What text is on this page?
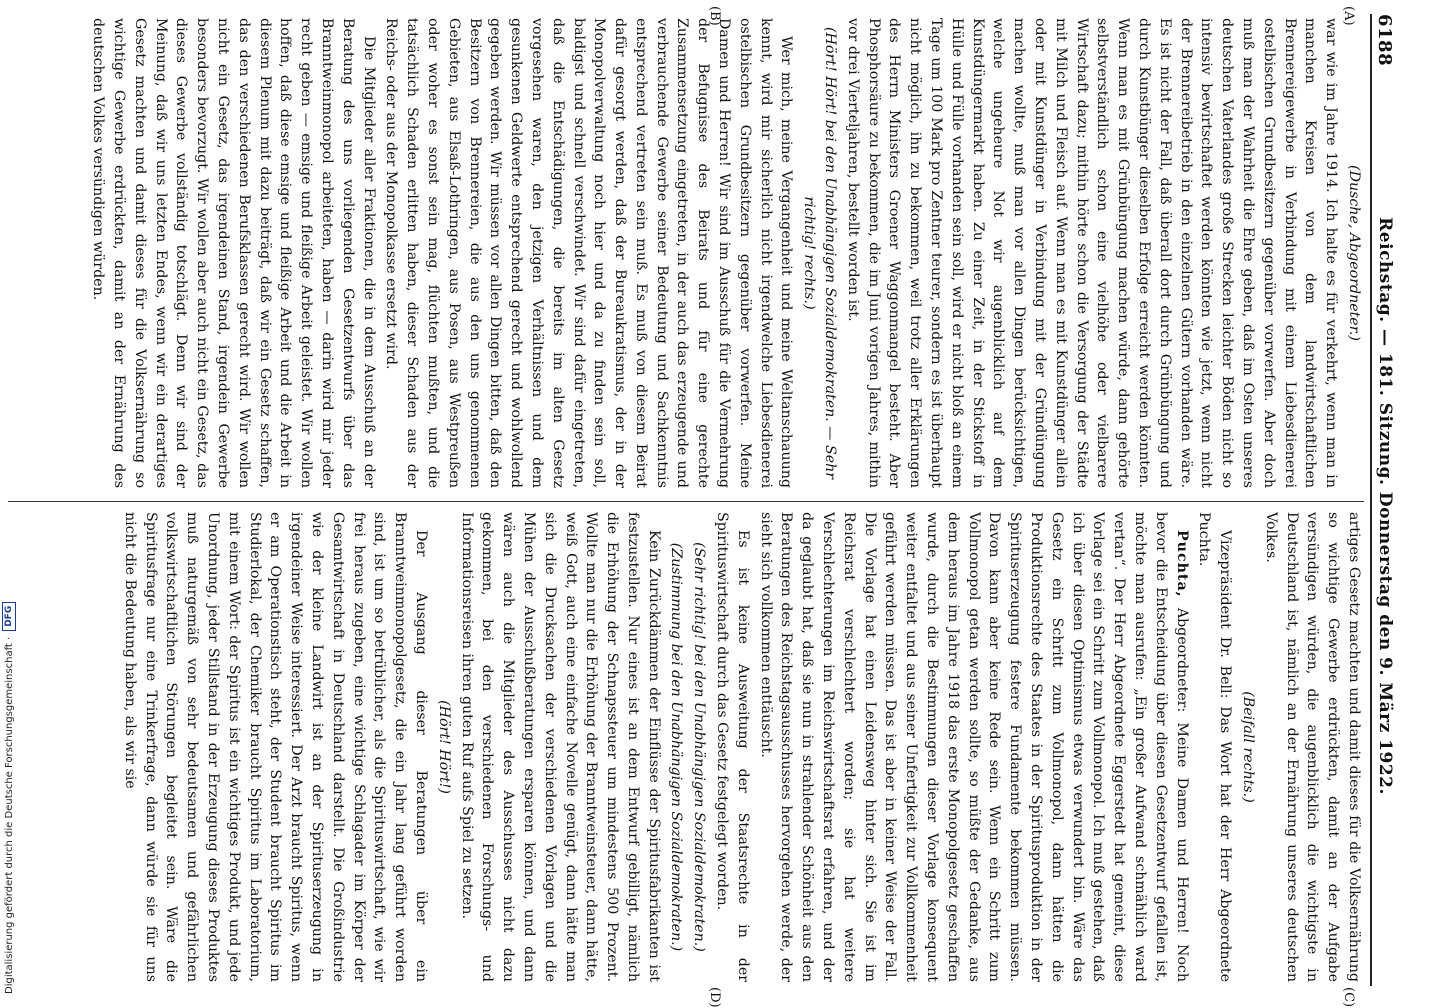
6188
Reichstag. — 181. Sitzung. Donnerstag den 9. März 1922.
(A)
(B)
(C)
(D)

(Dusche, Abgeordneter.)

war wie im Jahre 1914. Ich halte es für verkehrt, wenn man in manchen Kreisen von dem landwirtschaftlichen Brennereigewerbe in Verbindung mit einem Liebesdienerei ostelbischen Grundbesitzern gegenüber vorwerfen. Aber doch muß man der Wahrheit die Ehre geben, daß im Osten unseres deutschen Vaterlandes große Strecken leichter Böden nicht so intensiv bewirtschaftet werden könnten wie jetzt, wenn nicht der Brennereibetrieb in den einzelnen Gütern vorhanden wäre. Es ist nicht der Fall, daß überall dort durch Grünbüngung und durch Kunstbünger dieselben Erfolge erreicht werden könnten. Wenn man es mit Grünbüngung machen würde, dann gehörte selbstverständlich schon eine vielhöhe oder vielbarere Wirtschaft dazu; mithin hörte schon die Versorgung der Städte mit Milch und Fleisch auf. Wenn man es mit Kunstdünger allein oder mit Kunstdünger in Verbindung mit der Gründüngung machen wollte, muß man vor allen Dingen berücksichtigen, welche ungeheure Not wir augenblicklich auf dem Kunstdüngermarkt haben. Zu einer Zeit, in der Stickstoff in Hülle und Fülle vorhanden sein soll, wird er nicht bloß an einem Tage um 100 Mark pro Zentner teurer, sondern es ist überhaupt nicht möglich, ihn zu bekommen, weil trotz aller Erklärungen des Herrn Ministers Groener Waggonmangel besteht. Aber Phosphorsäure zu bekommen, die im Juni vorigen Jahres, mithin vor drei Vierteljahren, bestellt worden ist.

(Hört! Hört! bei den Unabhängigen Sozialdemokraten. — Sehr richtig! rechts.)

Wer mich, meine Vergangenheit und meine Weltanschauung kennt, wird mir sicherlich nicht irgendwelche Liebesdienerei ostelbischen Grundbesitzern gegenüber vorwerfen. Meine Damen und Herren! Wir sind im Ausschuß für die Vermehrung der Befugnisse des Beirats und für eine gerechte Zusammensetzung eingetreten, in der auch das erzeugende und verbrauchende Gewerbe seiner Bedeutung und Sachkenntnis entsprechend vertreten sein muß. Es muß von diesem Beirat dafür gesorgt werden, daß der Bureaukratismus, der in der Monopolverwaltung noch hier und da zu finden sein soll, baldigst und schnell verschwindet. Wir sind dafür eingetreten, daß die Entschädigungen, die bereits im alten Gesetz vorgesehen waren, den jetzigen Verhältnissen und dem gesunkenen Geldwerte entsprechend gerecht und wohlwollend gegeben werden. Wir müssen vor allen Dingen bitten, daß den Besitzern von Brennereien, die aus den uns genommenen Gebieten, aus Elsaß-Lothringen, aus Posen, aus Westpreußen oder woher es sonst sein mag, flüchten mußten, und die tatsächlich Schaden erlitten haben, dieser Schaden aus der Reichs- oder aus der Monopolkasse ersetzt wird.

Die Mitglieder aller Fraktionen, die in dem Ausschuß an der Beratung des uns vorliegenden Gesetzentwurfs über das Branntweinmonopol arbeiteten, haben — darin wird mir jeder recht geben — emsige und fleißige Arbeit geleistet. Wir wollen hoffen, daß diese emsige und fleißige Arbeit und die Arbeit in diesem Plenum mit dazu beiträgt, daß wir ein Gesetz schaffen, das den verschiedenen Berufsklassen gerecht wird. Wir wollen nicht ein Gesetz, das irgendeinen Stand, irgendein Gewerbe besonders bevorzugt. Wir wollen aber auch nicht ein Gesetz, das dieses Gewerbe vollständig totschlägt. Denn wir sind der Meinung, daß wir uns letzten Endes, wenn wir ein derartiges Gesetz machten und damit dieses für die Volksernährung so wichtige Gewerbe erdrückten, damit an der Ernährung des deutschen Volkes versündigen würden.

artiges Gesetz machten und damit dieses für die Volksernährung so wichtige Gewerbe erdrückten, damit an der Aufgabe versündigen würden, die augenblicklich die wichtigste in Deutschland ist, nämlich an der Ernährung unseres deutschen Volkes.

(Beifall rechts.)

Vizepräsident Dr. Bell: Das Wort hat der Herr Abgeordnete Puchta.

Puchta, Abgeordneter: Meine Damen und Herren! Noch bevor die Entscheidung über diesen Gesetzentwurf gefallen ist, möchte man ausrufen: „Ein großer Aufwand schmählich ward vertan“. Der Herr Abgeordnete Eggerstedt hat gemeint, diese Vorlage sei ein Schritt zum Vollmonopol. Ich muß gestehen, daß ich über diesen Optimismus etwas verwundert bin. Wäre das Gesetz ein Schritt zum Vollmonopol, dann hätten die Produktionsrechte des Staates in der Spiritusproduktion in der Spirituserzeugung festere Fundamente bekommen müssen. Davon kann aber keine Rede sein. Wenn ein Schritt zum Vollmonopol getan werden sollte, so müßte der Gedanke, aus dem heraus im Jahre 1918 das erste Monopolgesetz geschaffen wurde, durch die Bestimmungen dieser Vorlage konsequent weiter entfaltet und aus seiner Unfertigkeit zur Vollkommenheit geführt werden müssen. Das ist aber in keiner Weise der Fall. Die Vorlage hat einen Leidensweg hinter sich. Sie ist im Reichsrat verschlechtert worden; sie hat weitere Verschlechterungen im Reichswirtschaftsrat erfahren, und der da geglaubt hat, daß sie nun in strahlender Schönheit aus den Beratungen des Reichstagsausschusses hervorgehen werde, der sieht sich vollkommen enttäuscht.

Es ist keine Ausweitung der Staatsrechte in der Spirituswirtschaft durch das Gesetz festgelegt worden.

(Sehr richtig! bei den Unabhängigen Sozialdemokraten.)

(Zustimmung bei den Unabhängigen Sozialdemokraten.)

Kein Zurückdämmen der Einflüsse der Spiritusfabrikanten ist festzustellen. Nur eines ist an dem Entwurf gebilligt, nämlich die Erhöhung der Schnapssteuer um mindestens 500 Prozent. Wollte man nur die Erhöhung der Branntweinsteuer, dann hätte, weiß Gott, auch eine einfache Novelle genügt, dann hätte man sich die Drucksachen der verschiedenen Vorlagen und die Mühen der Ausschußberatungen ersparen können, und dann wären auch die Mitglieder des Ausschusses nicht dazu gekommen, bei den verschiedenen Forschungs- und Informationsreisen ihren guten Ruf aufs Spiel zu setzen.

(Hört! Hört!)

Der Ausgang dieser Beratungen über ein Branntweinmonopolgesetz, die ein Jahr lang geführt worden sind, ist um so betrüblicher, als die Spirituswirtschaft, wie wir frei heraus zugeben, eine wichtige Schlagader im Körper der Gesamtwirtschaft in Deutschland darstellt. Die Großindustrie wie der kleine Landwirt ist an der Spirituserzeugung in irgendeiner Weise interessiert. Der Arzt braucht Spiritus, wenn er am Operationstisch steht, der Student braucht Spiritus im Studierlokal, der Chemiker braucht Spiritus im Laboratorium, mit einem Wort: der Spiritus ist ein wichtiges Produkt, und jede Unordnung, jeder Stillstand in der Erzeugung dieses Produktes muß naturgemäß von sehr bedeutsamen und gefährlichen volkswirtschaftlichen Störungen begleitet sein. Wäre die Spiritusfrage nur eine Trinkerfrage, dann würde sie für uns nicht die Bedeutung haben, als wir sie

Digitalisierung gefördert durch die Deutsche Forschungsgemeinschaft ·
DFG
